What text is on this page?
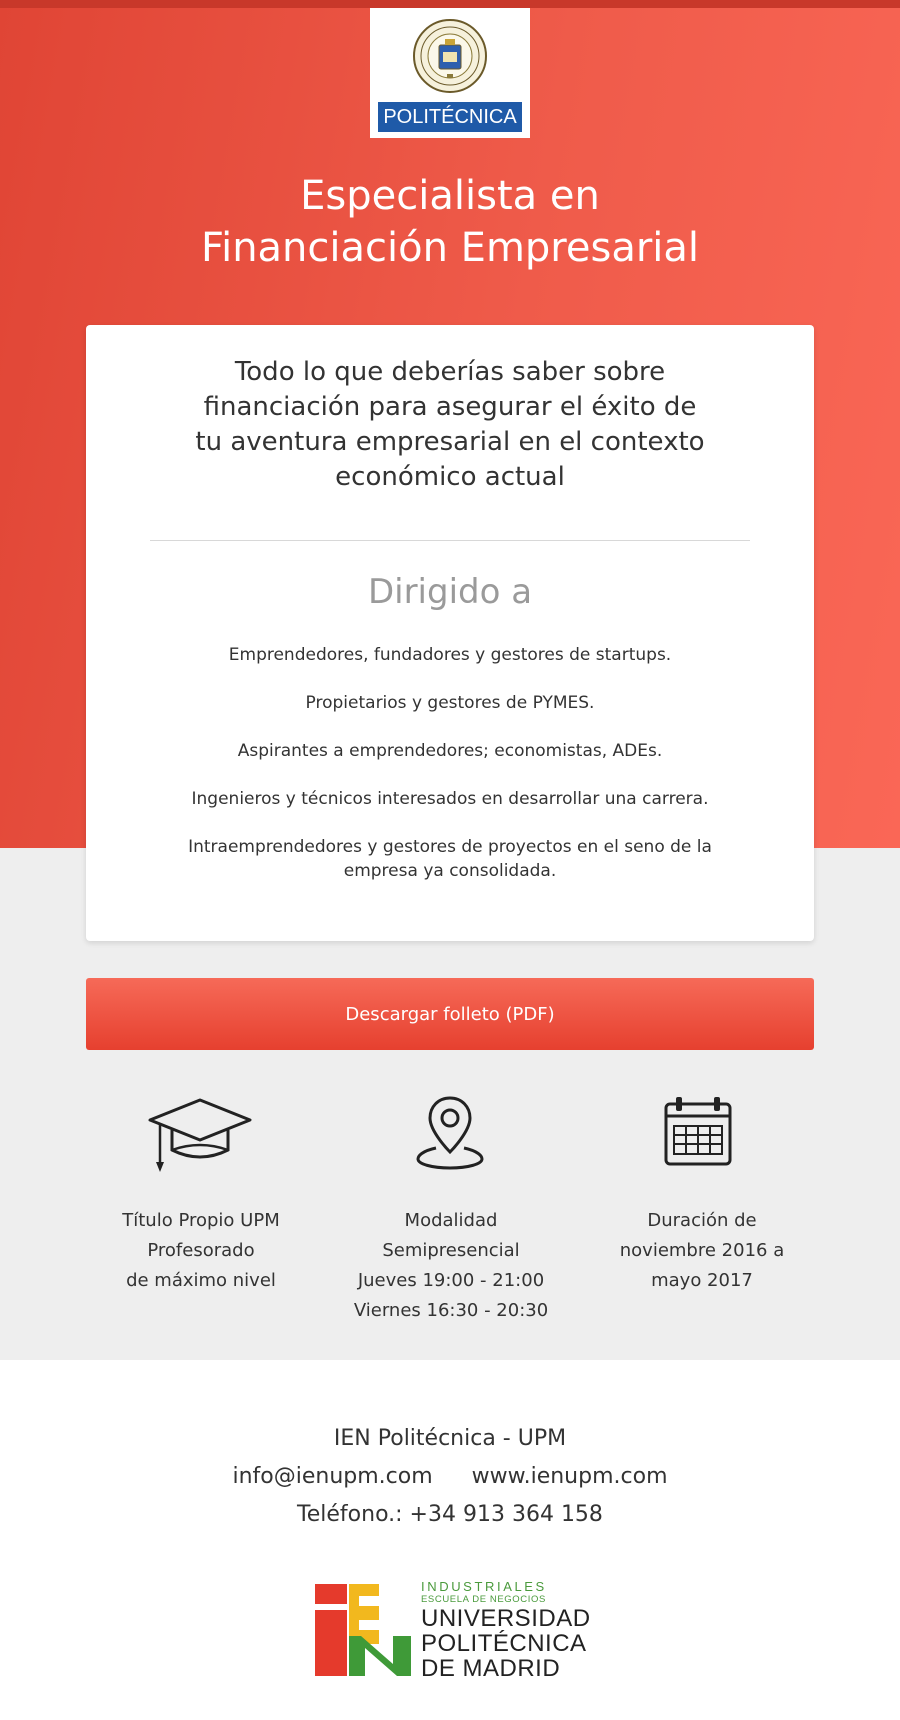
POLITÉCNICA
Especialista en
Financiación Empresarial
Todo lo que deberías saber sobre
financiación para asegurar el éxito de
tu aventura empresarial en el contexto
económico actual
Dirigido a
Emprendedores, fundadores y gestores de startups.
Propietarios y gestores de PYMES.
Aspirantes a emprendedores; economistas, ADEs.
Ingenieros y técnicos interesados en desarrollar una carrera.
Intraemprendedores y gestores de proyectos en el seno de la empresa ya consolidada.
Descargar folleto (PDF)
Título Propio UPM
Profesorado
de máximo nivel
Modalidad
Semipresencial
Jueves 19:00 - 21:00
Viernes 16:30 - 20:30
Duración de
noviembre 2016 a
mayo 2017
IEN Politécnica - UPM
info@ienupm.com www.ienupm.com
Teléfono.: +34 913 364 158
INDUSTRIALES
ESCUELA DE NEGOCIOS
UNIVERSIDAD
POLITÉCNICA
DE MADRID
